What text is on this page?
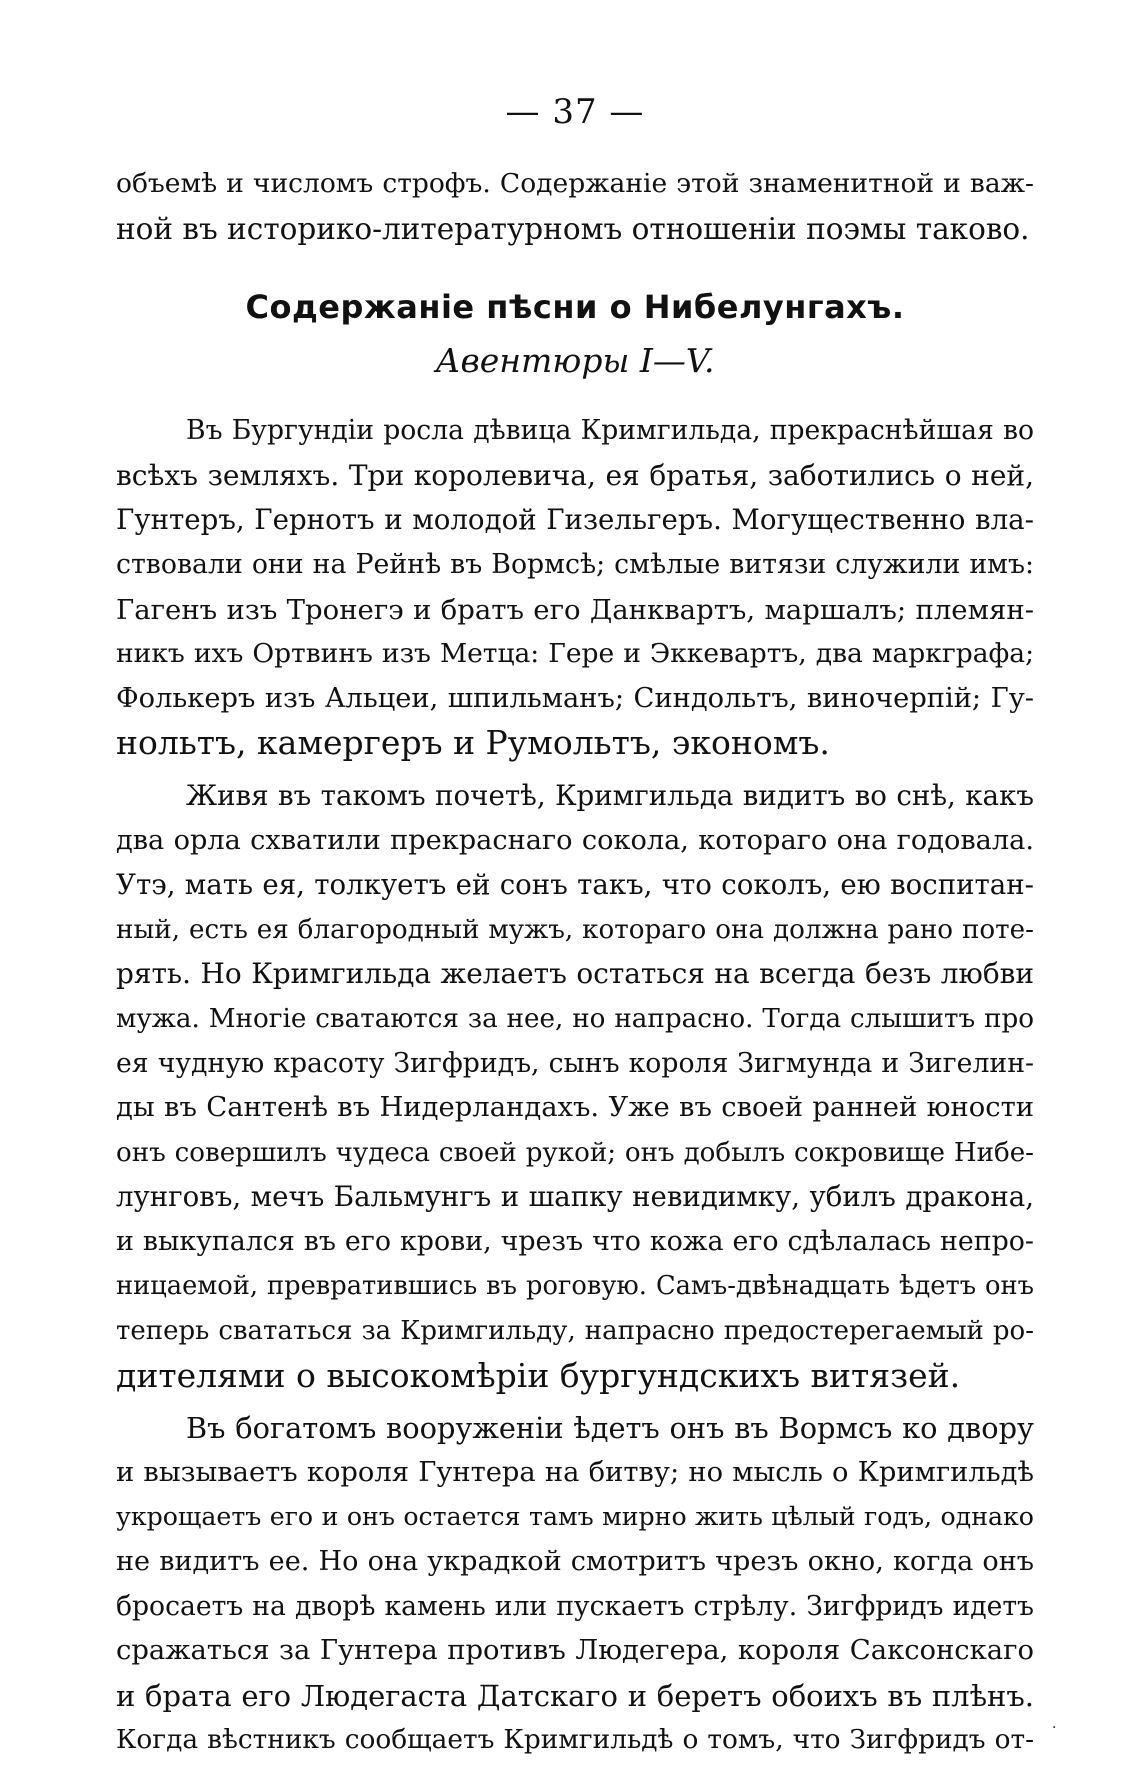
— 37 —

объемѣ и числомъ строфъ. Содержаніе этой знаменитной и важ-
ной въ историко-литературномъ отношеніи поэмы таково.

Содержаніе пѣсни о Нибелунгахъ.
Авентюры I—V.

Въ Бургундіи росла дѣвица Кримгильда, прекраснѣйшая во
всѣхъ земляхъ. Три королевича, ея братья, заботились о ней,
Гунтеръ, Гернотъ и молодой Гизельгеръ. Могущественно вла-
ствовали они на Рейнѣ въ Вормсѣ; смѣлые витязи служили имъ:
Гагенъ изъ Тронегэ и братъ его Данквартъ, маршалъ; племян-
никъ ихъ Ортвинъ изъ Метца: Гере и Эккевартъ, два маркграфа;
Фолькеръ изъ Альцеи, шпильманъ; Синдольтъ, виночерпій; Гу-
нольтъ, камергеръ и Румольтъ, экономъ.

Живя въ такомъ почетѣ, Кримгильда видитъ во снѣ, какъ
два орла схватили прекраснаго сокола, котораго она годовала.
Утэ, мать ея, толкуетъ ей сонъ такъ, что соколъ, ею воспитан-
ный, есть ея благородный мужъ, котораго она должна рано поте-
рять. Но Кримгильда желаетъ остаться на всегда безъ любви
мужа. Многіе сватаются за нее, но напрасно. Тогда слышитъ про
ея чудную красоту Зигфридъ, сынъ короля Зигмунда и Зигелин-
ды въ Сантенѣ въ Нидерландахъ. Уже въ своей ранней юности
онъ совершилъ чудеса своей рукой; онъ добылъ сокровище Нибе-
лунговъ, мечъ Бальмунгъ и шапку невидимку, убилъ дракона,
и выкупался въ его крови, чрезъ что кожа его сдѣлалась непро-
ницаемой, превратившись въ роговую. Самъ-двѣнадцать ѣдетъ онъ
теперь свататься за Кримгильду, напрасно предостерегаемый ро-
дителями о высокомѣріи бургундскихъ витязей.

Въ богатомъ вооруженіи ѣдетъ онъ въ Вормсъ ко двору
и вызываетъ короля Гунтера на битву; но мысль о Кримгильдѣ
укрощаетъ его и онъ остается тамъ мирно жить цѣлый годъ, однако
не видитъ ее. Но она украдкой смотритъ чрезъ окно, когда онъ
бросаетъ на дворѣ камень или пускаетъ стрѣлу. Зигфридъ идетъ
сражаться за Гунтера противъ Людегера, короля Саксонскаго
и брата его Людегаста Датскаго и беретъ обоихъ въ плѣнъ.
Когда вѣстникъ сообщаетъ Кримгильдѣ о томъ, что Зигфридъ от- ·
